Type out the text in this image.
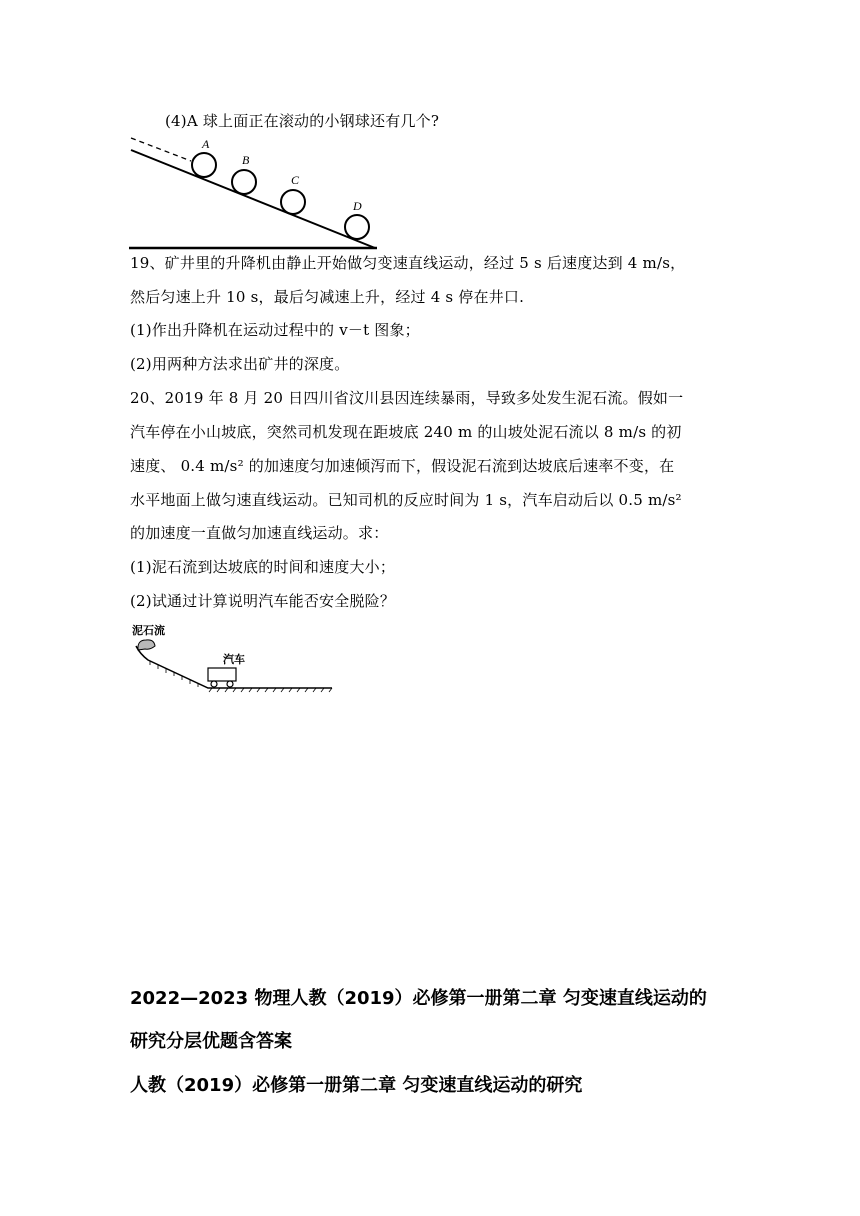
(4)A 球上面正在滚动的小钢球还有几个?
A
B
C
D
19、矿井里的升降机由静止开始做匀变速直线运动，经过 5 s 后速度达到 4 m/s，
然后匀速上升 10 s，最后匀减速上升，经过 4 s 停在井口.
(1)作出升降机在运动过程中的 v－t 图象；
(2)用两种方法求出矿井的深度。
20、2019 年 8 月 20 日四川省汶川县因连续暴雨，导致多处发生泥石流。假如一
汽车停在小山坡底，突然司机发现在距坡底 240 m 的山坡处泥石流以 8 m/s 的初
速度、 0.4 m/s² 的加速度匀加速倾泻而下，假设泥石流到达坡底后速率不变，在
水平地面上做匀速直线运动。已知司机的反应时间为 1 s，汽车启动后以 0.5 m/s²
的加速度一直做匀加速直线运动。求：
(1)泥石流到达坡底的时间和速度大小；
(2)试通过计算说明汽车能否安全脱险？
泥石流
汽车
2022—2023 物理人教（2019）必修第一册第二章 匀变速直线运动的
研究分层优题含答案
人教（2019）必修第一册第二章 匀变速直线运动的研究
